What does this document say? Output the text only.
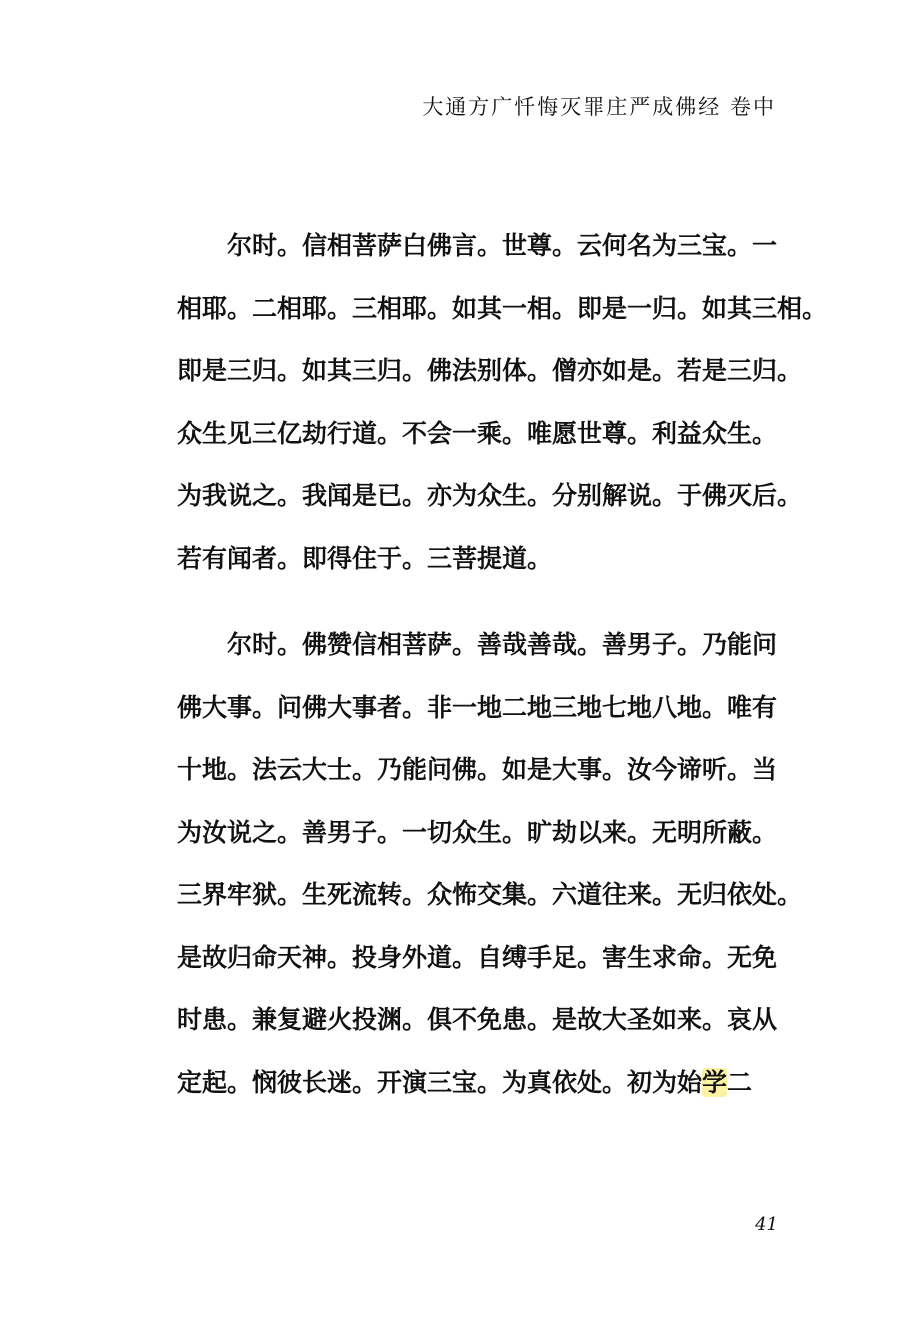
大通方广忏悔灭罪庄严成佛经 卷中
尔时。信相菩萨白佛言。世尊。云何名为三宝。一
相耶。二相耶。三相耶。如其一相。即是一归。如其三相。
即是三归。如其三归。佛法别体。僧亦如是。若是三归。
众生见三亿劫行道。不会一乘。唯愿世尊。利益众生。
为我说之。我闻是已。亦为众生。分别解说。于佛灭后。
若有闻者。即得住于。三菩提道。
尔时。佛赞信相菩萨。善哉善哉。善男子。乃能问
佛大事。问佛大事者。非一地二地三地七地八地。唯有
十地。法云大士。乃能问佛。如是大事。汝今谛听。当
为汝说之。善男子。一切众生。旷劫以来。无明所蔽。
三界牢狱。生死流转。众怖交集。六道往来。无归依处。
是故归命天神。投身外道。自缚手足。害生求命。无免
时患。兼复避火投渊。俱不免患。是故大圣如来。哀从
定起。悯彼长迷。开演三宝。为真依处。初为始学二
41
